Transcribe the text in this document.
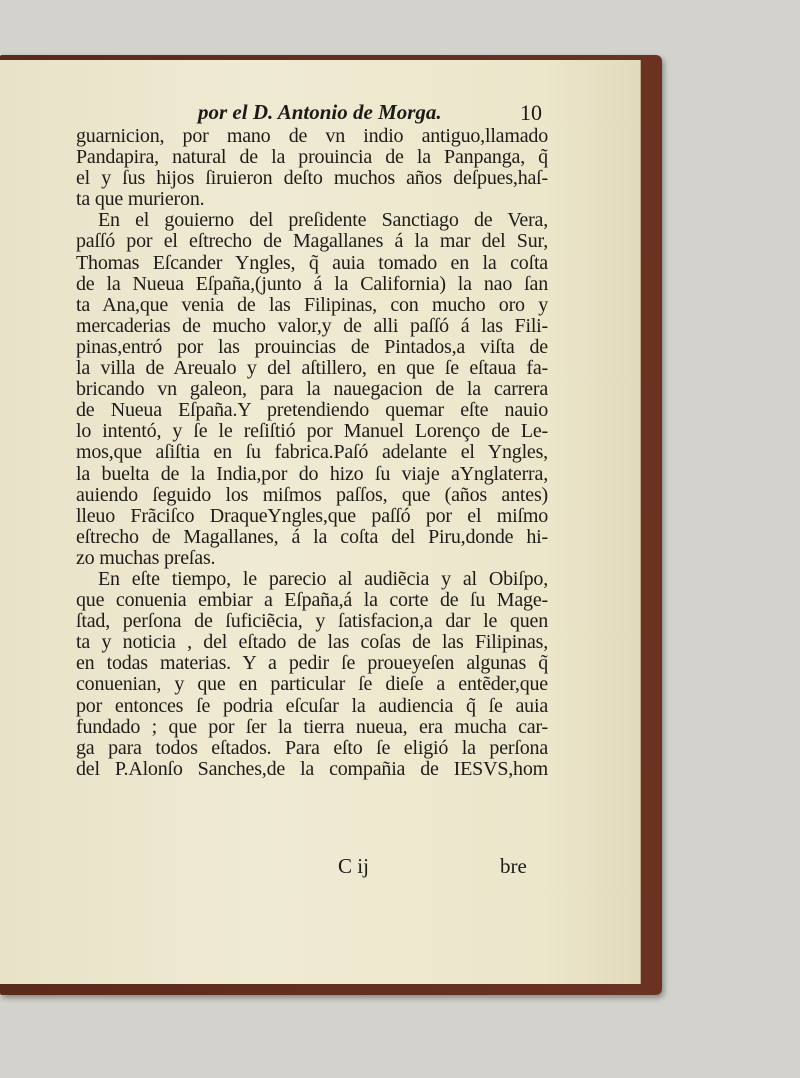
por el D. Antonio de Morga.	10
guarnicion, por mano de vn indio antiguo,llamado
Pandapira, natural de la prouincia de la Panpanga, q̃
el y ſus hijos ſiruieron deſto muchos años deſpues,haſ-
ta que murieron.
En el gouierno del preſidente Sanctiago de Vera,
paſſó por el eſtrecho de Magallanes á la mar del Sur,
Thomas Eſcander Yngles, q̃ auia tomado en la coſta
de la Nueua Eſpaña,(junto á la California) la nao ſan
ta Ana,que venia de las Filipinas, con mucho oro y
mercaderias de mucho valor,y de alli paſſó á las Fili-
pinas,entró por las prouincias de Pintados,a viſta de
la villa de Areualo y del aſtillero, en que ſe eſtaua fa-
bricando vn galeon, para la nauegacion de la carrera
de Nueua Eſpaña.Y pretendiendo quemar eſte nauio
lo intentó, y ſe le reſiſtió por Manuel Lorenço de Le-
mos,que aſiſtia en ſu fabrica.Paſó adelante el Yngles,
la buelta de la India,por do hizo ſu viaje aYnglaterra,
auiendo ſeguido los miſmos paſſos, que (años antes)
lleuo Frãciſco DraqueYngles,que paſſó por el miſmo
eſtrecho de Magallanes, á la coſta del Piru,donde hi-
zo muchas preſas.
En eſte tiempo, le parecio al audiẽcia y al Obiſpo,
que conuenia embiar a Eſpaña,á la corte de ſu Mage-
ſtad, perſona de ſuficiẽcia, y ſatisfacion,a dar le quen
ta y noticia , del eſtado de las coſas de las Filipinas,
en todas materias. Y a pedir ſe proueyeſen algunas q̃
conuenian, y que en particular ſe dieſe a entẽder,que
por entonces ſe podria eſcuſar la audiencia q̃ ſe auia
fundado ; que por ſer la tierra nueua, era mucha car-
ga para todos eſtados. Para eſto ſe eligió la perſona
del P.Alonſo Sanches,de la compañia de IESVS,hom
C ij	bre
